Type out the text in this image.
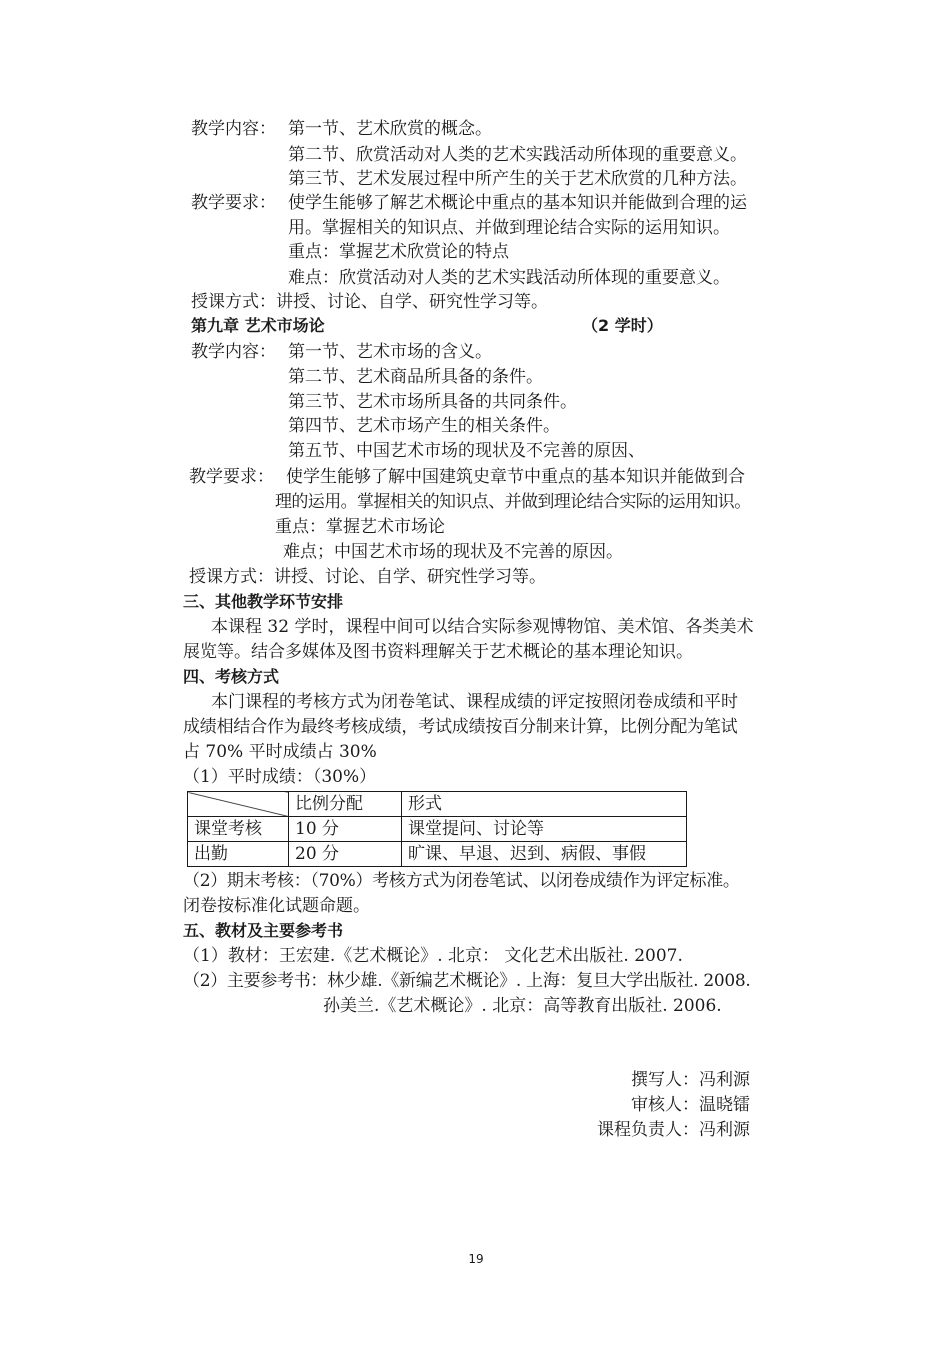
教学内容： 第一节、艺术欣赏的概念。
第二节、欣赏活动对人类的艺术实践活动所体现的重要意义。
第三节、艺术发展过程中所产生的关于艺术欣赏的几种方法。
教学要求： 使学生能够了解艺术概论中重点的基本知识并能做到合理的运
用。掌握相关的知识点、并做到理论结合实际的运用知识。
重点：掌握艺术欣赏论的特点
难点：欣赏活动对人类的艺术实践活动所体现的重要意义。
授课方式：讲授、讨论、自学、研究性学习等。
第九章 艺术市场论	（2 学时）
教学内容： 第一节、艺术市场的含义。
第二节、艺术商品所具备的条件。
第三节、艺术市场所具备的共同条件。
第四节、艺术市场产生的相关条件。
第五节、中国艺术市场的现状及不完善的原因、
教学要求： 使学生能够了解中国建筑史章节中重点的基本知识并能做到合
理的运用。掌握相关的知识点、并做到理论结合实际的运用知识。
重点：掌握艺术市场论
难点；中国艺术市场的现状及不完善的原因。
授课方式：讲授、讨论、自学、研究性学习等。
三、其他教学环节安排
本课程 32 学时，课程中间可以结合实际参观博物馆、美术馆、各类美术
展览等。结合多媒体及图书资料理解关于艺术概论的基本理论知识。
四、考核方式
本门课程的考核方式为闭卷笔试、课程成绩的评定按照闭卷成绩和平时
成绩相结合作为最终考核成绩，考试成绩按百分制来计算，比例分配为笔试
占 70% 平时成绩占 30%
（1）平时成绩：（30%）
	比例分配	形式
课堂考核	10 分	课堂提问、讨论等
出勤	20 分	旷课、早退、迟到、病假、事假
（2）期末考核：（70%）考核方式为闭卷笔试、以闭卷成绩作为评定标准。
闭卷按标准化试题命题。
五、教材及主要参考书
（1）教材：王宏建.《艺术概论》. 北京： 文化艺术出版社. 2007.
（2）主要参考书：林少雄.《新编艺术概论》. 上海：复旦大学出版社. 2008.
孙美兰.《艺术概论》. 北京：高等教育出版社. 2006.
撰写人：冯利源
审核人：温晓镭
课程负责人：冯利源
19
